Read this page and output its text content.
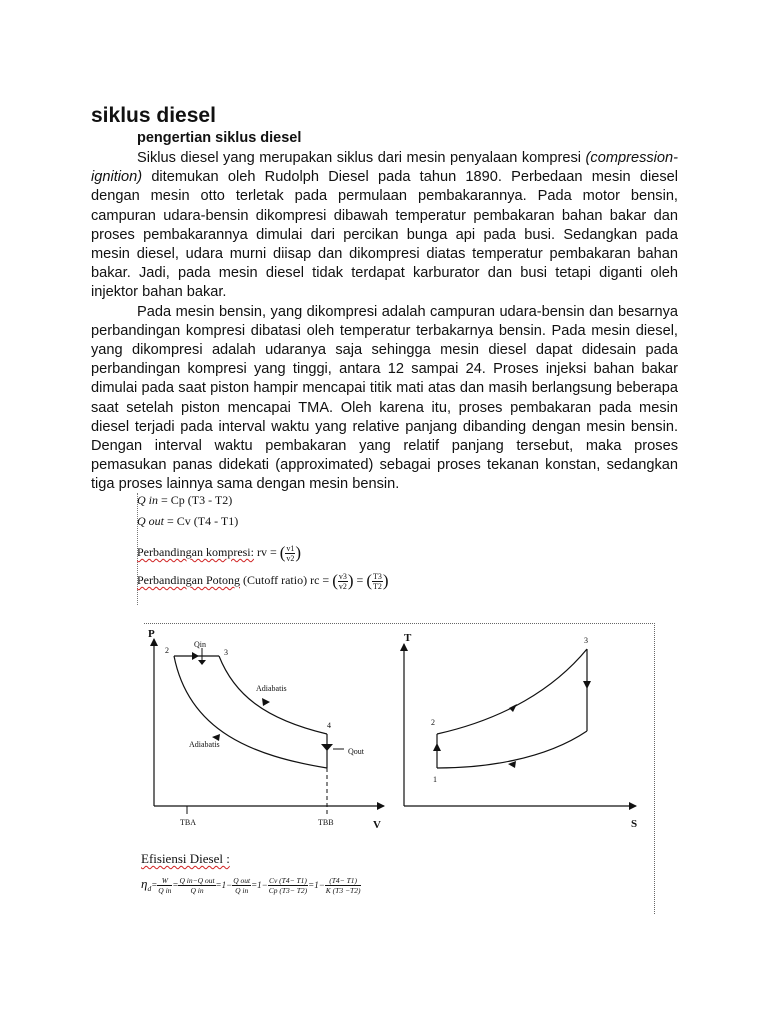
siklus diesel
pengertian siklus diesel

Siklus diesel yang merupakan siklus dari mesin penyalaan kompresi (compression-ignition) ditemukan oleh Rudolph Diesel pada tahun 1890. Perbedaan mesin diesel dengan mesin otto terletak pada permulaan pembakarannya. Pada motor bensin, campuran udara-bensin dikompresi dibawah temperatur pembakaran bahan bakar dan proses pembakarannya dimulai dari percikan bunga api pada busi. Sedangkan pada mesin diesel, udara murni diisap dan dikompresi diatas temperatur pembakaran bahan bakar. Jadi, pada mesin diesel tidak terdapat karburator dan busi tetapi diganti oleh injektor bahan bakar.

Pada mesin bensin, yang dikompresi adalah campuran udara-bensin dan besarnya perbandingan kompresi dibatasi oleh temperatur terbakarnya bensin. Pada mesin diesel, yang dikompresi adalah udaranya saja sehingga mesin diesel dapat didesain pada perbandingan kompresi yang tinggi, antara 12 sampai 24. Proses injeksi bahan bakar dimulai pada saat piston hampir mencapai titik mati atas dan masih berlangsung beberapa saat setelah piston mencapai TMA. Oleh karena itu, proses pembakaran pada mesin diesel terjadi pada interval waktu yang relative panjang dibanding dengan mesin bensin. Dengan interval waktu pembakaran yang relatif panjang tersebut, maka proses pemasukan panas didekati (approximated) sebagai proses tekanan konstan, sedangkan tiga proses lainnya sama dengan mesin bensin.

Q in = Cp (T3 - T2)
Q out = Cv (T4 - T1)
Perbandingan kompresi: rv = ( $\frac{v1}{v2}$ )
Perbandingan Potong (Cutoff ratio) rc = ( $\frac{v3}{v2}$ ) = ( $\frac{T3}{T2}$ )
P
V
Qin
Qout
2	3
4
Adiabatis
Adiabatis
TBA	TBB
T
S
1
2
3
Efisiensi Diesel :
$\eta_d= \frac{W}{\text{Q in}} = \frac{\text{Q in−Q out}}{\text{Q in}} =1- \frac{\text{Q out}}{\text{Q in}} =1- \frac{Cv (T4- T1)}{Cp (T3- T2)} =1- \frac{(T4- T1)}{K (T3 -T2)}$
